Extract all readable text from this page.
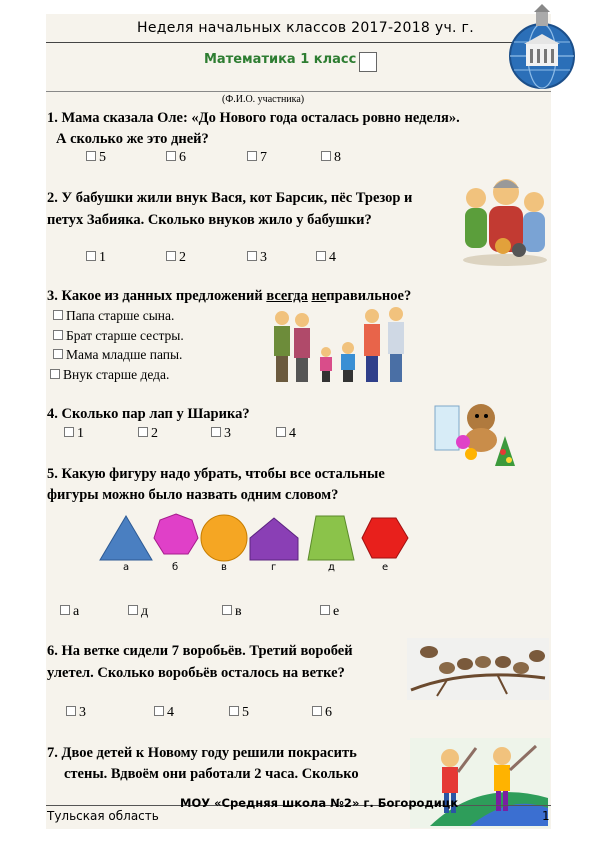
Неделя начальных классов 2017-2018 уч. г.
Математика 1 класс
(Ф.И.О. участника)
1. Мама сказала Оле: «До Нового года осталась ровно неделя».
А сколько же это дней?
5	6	7	8
2. У бабушки жили внук Вася, кот Барсик, пёс Трезор и
петух Забияка. Сколько внуков жило у бабушки?
1	2	3	4
3. Какое из данных предложений всегда неправильное?
Папа старше сына.
Брат старше сестры.
Мама младше папы.
Внук старше деда.
4. Сколько пар лап у Шарика?
1	2	3	4
5. Какую фигуру надо убрать, чтобы все остальные
фигуры можно было назвать одним словом?
а	б	в	г	д	е
а	д	в	е
6. На ветке сидели 7 воробьёв. Третий воробей
улетел. Сколько воробьёв осталось на ветке?
3	4	5	6
7. Двое детей к Новому году решили покрасить
стены. Вдвоём они работали 2 часа. Сколько
МОУ «Средняя школа №2» г. Богородицк
Тульская область	1
